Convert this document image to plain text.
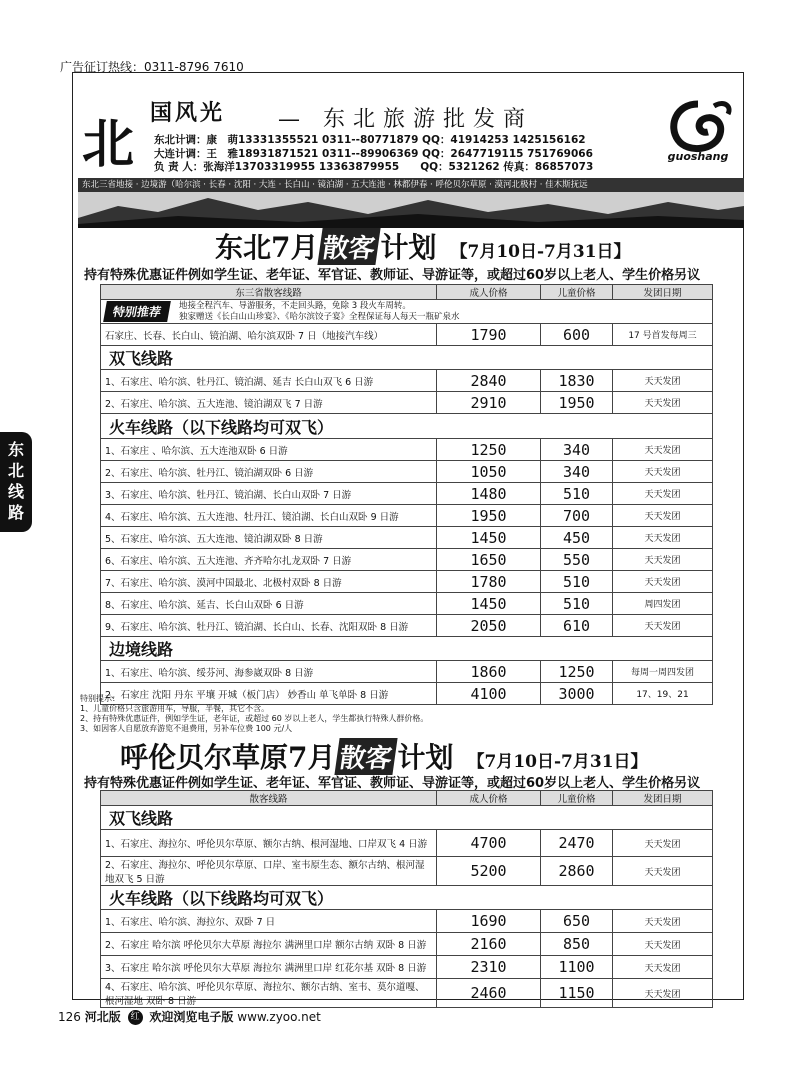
广告征订热线：0311-8796 7610
北
国风光 — 东北旅游批发商
东北计调：康　萌13331355521 0311--80771879 QQ：41914253 1425156162
大连计调：王　雅18931871521 0311--89906369 QQ：2647719115 751769066
负 责 人：张海洋13703319955 13363879955　　QQ：5321262 传真：86857073
guoshang
东北三省地接 · 边境游（哈尔滨 · 长春 · 沈阳 · 大连 · 长白山 · 镜泊湖 · 五大连池 · 林都伊春 · 呼伦贝尔草原 · 漠河北极村 · 佳木斯抚远
东北7月散客 计划 【7月10日-7月31日】
持有特殊优惠证件例如学生证、老年证、军官证、教师证、导游证等，或超过60岁以上老人、学生价格另议
东三省散客线路	成人价格	儿童价格	发团日期

特别推荐 地接全程汽车、导游服务，不走回头路，免除 3 段火车周转。
独家赠送《长白山山珍宴》、《哈尔滨饺子宴》全程保证每人每天一瓶矿泉水			

石家庄、长春、长白山、镜泊湖、哈尔滨双卧 7 日（地接汽车线）	1790	600	17 号首发每周三
双飞线路			
1、石家庄、哈尔滨、牡丹江、镜泊湖、延吉 长白山双飞 6 日游	2840	1830	天天发团
2、石家庄、哈尔滨、五大连池、镜泊湖双飞 7 日游	2910	1950	天天发团
火车线路（以下线路均可双飞）			
1、石家庄 、哈尔滨、五大连池双卧 6 日游	1250	340	天天发团
2、石家庄、哈尔滨、牡丹江、镜泊湖双卧 6 日游	1050	340	天天发团
3、石家庄、哈尔滨、牡丹江、镜泊湖、长白山双卧 7 日游	1480	510	天天发团
4、石家庄、哈尔滨、五大连池、牡丹江、镜泊湖、长白山双卧 9 日游	1950	700	天天发团
5、石家庄、哈尔滨、五大连池、镜泊湖双卧 8 日游	1450	450	天天发团
6、石家庄、哈尔滨、五大连池、齐齐哈尔扎龙双卧 7 日游	1650	550	天天发团
7、石家庄、哈尔滨、漠河中国最北、北极村双卧 8 日游	1780	510	天天发团
8、石家庄、哈尔滨、延吉、长白山双卧 6 日游	1450	510	周四发团
9、石家庄、哈尔滨、牡丹江、镜泊湖、长白山、长春、沈阳双卧 8 日游	2050	610	天天发团
边境线路			
1、石家庄、哈尔滨、绥芬河、海参崴双卧 8 日游	1860	1250	每周一周四发团
2、石家庄 沈阳 丹东 平壤 开城（板门店） 妙香山 单飞单卧 8 日游	4100	3000	17、19、21
特别提示：
1、儿童价格只含旅游用车，导服，半餐，其它不含。
2、持有特殊优惠证件，例如学生证，老年证，或超过 60 岁以上老人，学生都执行特殊人群价格。
3、如因客人自愿放弃游览不退费用，另补车位费 100 元/人
呼伦贝尔草原7月散客 计划 【7月10日-7月31日】
持有特殊优惠证件例如学生证、老年证、军官证、教师证、导游证等，或超过60岁以上老人、学生价格另议
散客线路	成人价格	儿童价格	发团日期
双飞线路			
1、石家庄、海拉尔、呼伦贝尔草原、额尔古纳、根河湿地、口岸双飞 4 日游	4700	2470	天天发团
2、石家庄、海拉尔、呼伦贝尔草原、口岸、室韦原生态、额尔古纳、根河湿地双飞 5 日游	5200	2860	天天发团
火车线路（以下线路均可双飞）			
1、石家庄、哈尔滨、海拉尔、双卧 7 日	1690	650	天天发团
2、石家庄 哈尔滨 呼伦贝尔大草原 海拉尔 满洲里口岸 额尔古纳 双卧 8 日游	2160	850	天天发团
3、石家庄 哈尔滨 呼伦贝尔大草原 海拉尔 满洲里口岸 红花尔基 双卧 8 日游	2310	1100	天天发团
4、石家庄、哈尔滨、呼伦贝尔草原、海拉尔、额尔古纳、室韦、莫尔道嘎、根河湿地 双卧 8 日游	2460	1150	天天发团
东北线路
126 河北版 红 欢迎浏览电子版 www.zyoo.net
